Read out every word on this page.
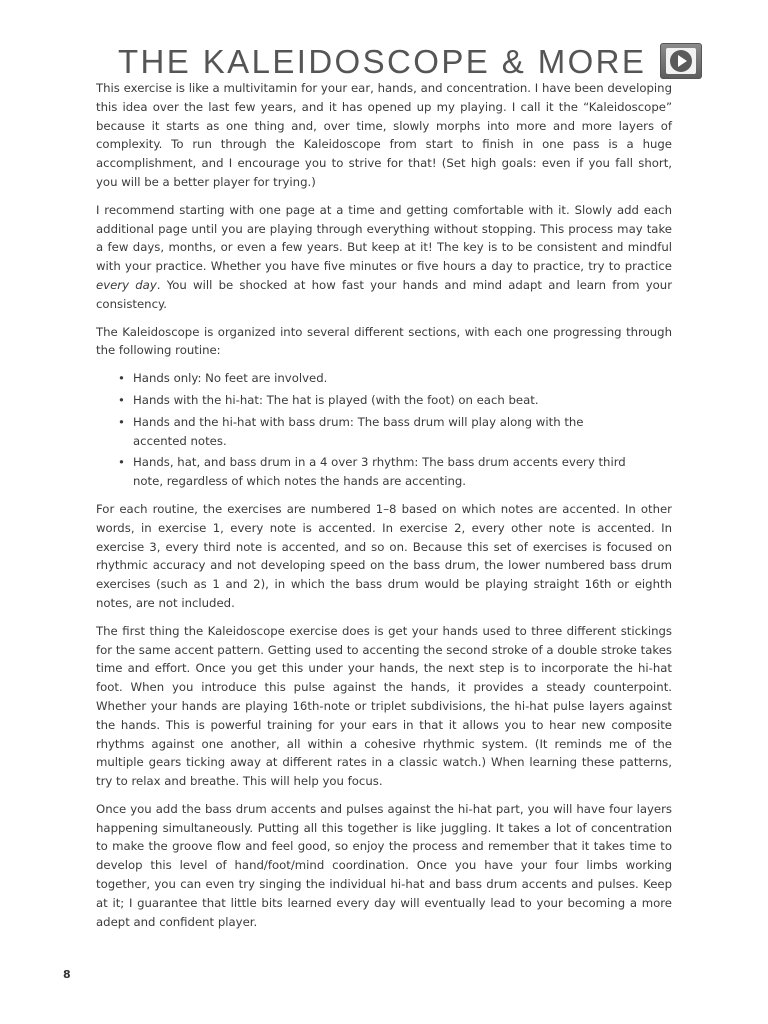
THE KALEIDOSCOPE & MORE

This exercise is like a multivitamin for your ear, hands, and concentration. I have been developing this idea over the last few years, and it has opened up my playing. I call it the “Kaleidoscope” because it starts as one thing and, over time, slowly morphs into more and more layers of complexity. To run through the Kaleidoscope from start to finish in one pass is a huge accomplishment, and I encourage you to strive for that! (Set high goals: even if you fall short, you will be a better player for trying.)

I recommend starting with one page at a time and getting comfortable with it. Slowly add each additional page until you are playing through everything without stopping. This process may take a few days, months, or even a few years. But keep at it! The key is to be consistent and mindful with your practice. Whether you have five minutes or five hours a day to practice, try to practice every day. You will be shocked at how fast your hands and mind adapt and learn from your consistency.

The Kaleidoscope is organized into several different sections, with each one progressing through the following routine:

• Hands only: No feet are involved.
• Hands with the hi-hat: The hat is played (with the foot) on each beat.
• Hands and the hi-hat with bass drum: The bass drum will play along with the accented notes.
• Hands, hat, and bass drum in a 4 over 3 rhythm: The bass drum accents every third note, regardless of which notes the hands are accenting.

For each routine, the exercises are numbered 1–8 based on which notes are accented. In other words, in exercise 1, every note is accented. In exercise 2, every other note is accented. In exercise 3, every third note is accented, and so on. Because this set of exercises is focused on rhythmic accuracy and not developing speed on the bass drum, the lower numbered bass drum exercises (such as 1 and 2), in which the bass drum would be playing straight 16th or eighth notes, are not included.

The first thing the Kaleidoscope exercise does is get your hands used to three different stickings for the same accent pattern. Getting used to accenting the second stroke of a double stroke takes time and effort. Once you get this under your hands, the next step is to incorporate the hi-hat foot. When you introduce this pulse against the hands, it provides a steady counterpoint. Whether your hands are playing 16th-note or triplet subdivisions, the hi-hat pulse layers against the hands. This is powerful training for your ears in that it allows you to hear new composite rhythms against one another, all within a cohesive rhythmic system. (It reminds me of the multiple gears ticking away at different rates in a classic watch.) When learning these patterns, try to relax and breathe. This will help you focus.

Once you add the bass drum accents and pulses against the hi-hat part, you will have four layers happening simultaneously. Putting all this together is like juggling. It takes a lot of concentration to make the groove flow and feel good, so enjoy the process and remember that it takes time to develop this level of hand/foot/mind coordination. Once you have your four limbs working together, you can even try singing the individual hi-hat and bass drum accents and pulses. Keep at it; I guarantee that little bits learned every day will eventually lead to your becoming a more adept and confident player.

8
